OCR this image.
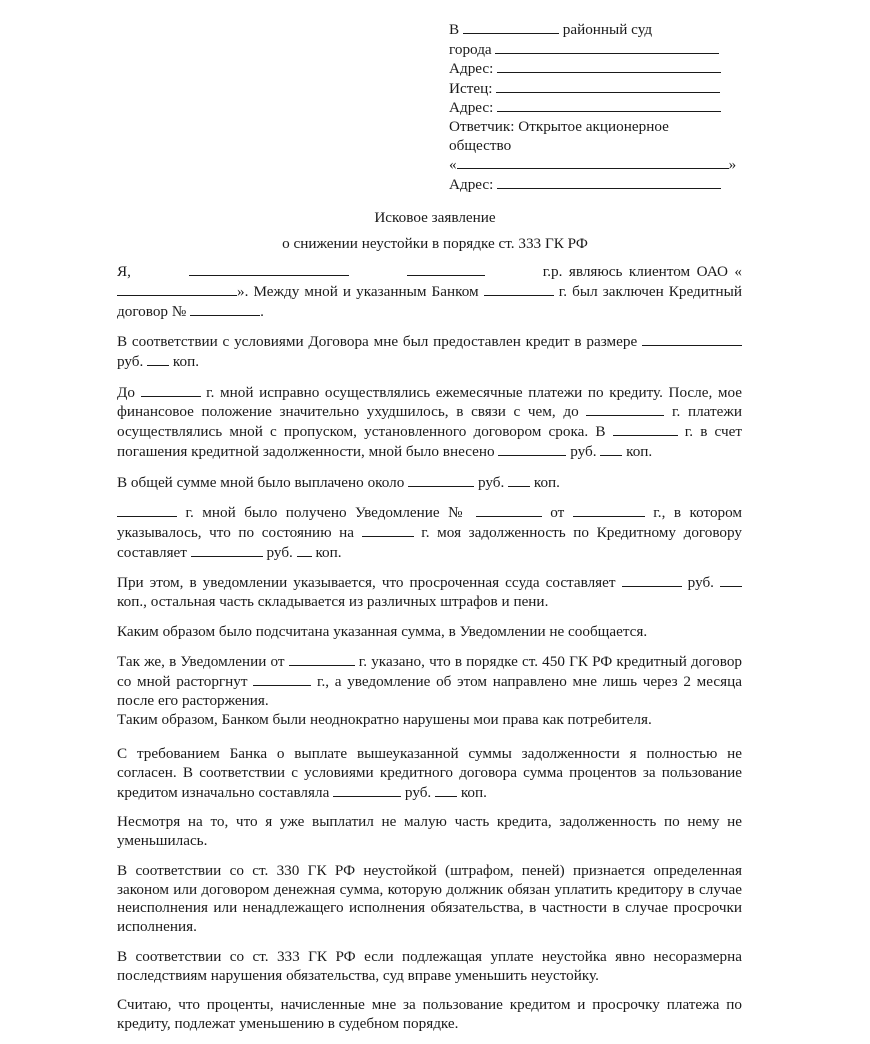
В	районный суд
города
Адрес:
Истец:
Адрес:
Ответчик: Открытое акционерное
общество
«	»
Адрес:
Исковое заявление
о снижении неустойки в порядке ст. 333 ГК РФ

Я,	г.р. являюсь клиентом ОАО «». Между мной и указанным Банком	г. был заключен Кредитный договор №	.

В соответствии с условиями Договора мне был предоставлен кредит в размере  руб. коп.

До	г. мной исправно осуществлялись ежемесячные платежи по кредиту. После, мое финансовое положение значительно ухудшилось, в связи с чем, до	г. платежи осуществлялись мной с пропуском, установленного договором срока. В	г. в счет погашения кредитной задолженности, мной было внесено	руб. коп.

В общей сумме мной было выплачено около	руб. коп.

г. мной было получено Уведомление №	от	г., в котором указывалось, что по состоянию на	г. моя задолженность по Кредитному договору составляет	руб. коп.

При этом, в уведомлении указывается, что просроченная ссуда составляет	руб.  коп., остальная часть складывается из различных штрафов и пени.

Каким образом было подсчитана указанная сумма, в Уведомлении не сообщается.

Так же, в Уведомлении от	г. указано, что в порядке ст. 450 ГК РФ кредитный договор со мной расторгнут	г., а уведомление об этом направлено мне лишь через 2 месяца после его расторжения.
Таким образом, Банком были неоднократно нарушены мои права как потребителя.

С требованием Банка о выплате вышеуказанной суммы задолженности я полностью не согласен. В соответствии с условиями кредитного договора сумма процентов за пользование кредитом изначально составляла	руб. коп.

Несмотря на то, что я уже выплатил не малую часть кредита, задолженность по нему не уменьшилась.

В соответствии со ст. 330 ГК РФ неустойкой (штрафом, пеней) признается определенная законом или договором денежная сумма, которую должник обязан уплатить кредитору в случае неисполнения или ненадлежащего исполнения обязательства, в частности в случае просрочки исполнения.

В соответствии со ст. 333 ГК РФ если подлежащая уплате неустойка явно несоразмерна последствиям нарушения обязательства, суд вправе уменьшить неустойку.

Считаю, что проценты, начисленные мне за пользование кредитом и просрочку платежа по кредиту, подлежат уменьшению в судебном порядке.
